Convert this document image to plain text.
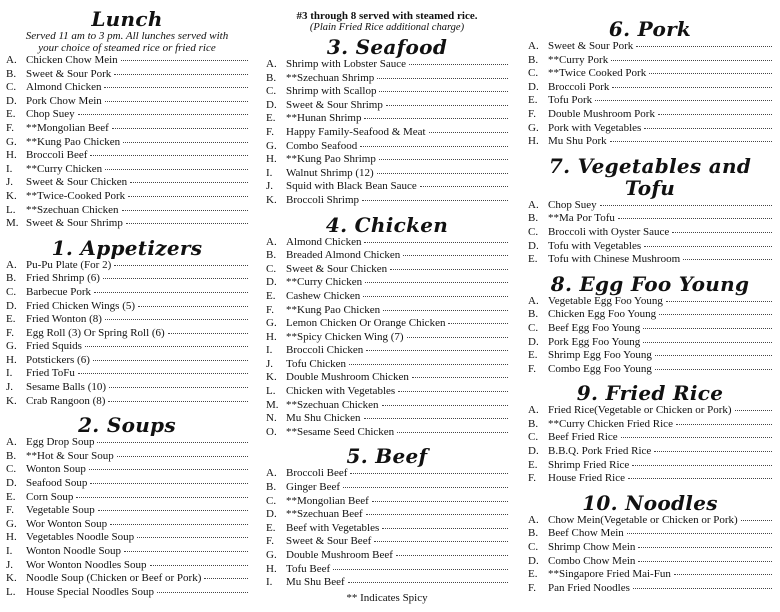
Lunch
Served 11 am to 3 pm. All lunches served with
your choice of steamed rice or fried rice
A. Chicken Chow Mein
B. Sweet & Sour Pork
C. Almond Chicken
D. Pork Chow Mein
E. Chop Suey
F.	**Mongolian Beef
G. **Kung Pao Chicken
H. Broccoli Beef
I.	**Curry Chicken
J.	Sweet & Sour Chicken
K. **Twice-Cooked Pork
L. **Szechuan Chicken
M. Sweet & Sour Shrimp
1. Appetizers
A. Pu-Pu Plate (For 2)
B. Fried Shrimp (6)
C. Barbecue Pork
D. Fried Chicken Wings (5)
E. Fried Wonton (8)
F.	Egg Roll (3) Or Spring Roll (6)
G. Fried Squids
H. Potstickers (6)
I.	Fried ToFu
J.	Sesame Balls (10)
K. Crab Rangoon (8)
2. Soups
A. Egg Drop Soup
B. **Hot & Sour Soup
C. Wonton Soup
D. Seafood Soup
E. Corn Soup
F.	Vegetable Soup
G. Wor Wonton Soup
H. Vegetables Noodle Soup
I.	Wonton Noodle Soup
J.	Wor Wonton Noodles Soup
K. Noodle Soup (Chicken or Beef or Pork)
L. House Special Noodles Soup
#3 through 8 served with steamed rice.
(Plain Fried Rice additional charge)
3. Seafood
A. Shrimp with Lobster Sauce
B. **Szechuan Shrimp
C. Shrimp with Scallop
D. Sweet & Sour Shrimp
E. **Hunan Shrimp
F.	Happy Family-Seafood & Meat
G. Combo Seafood
H. **Kung Pao Shrimp
I.	Walnut Shrimp (12)
J.	Squid with Black Bean Sauce
K. Broccoli Shrimp
4. Chicken
A. Almond Chicken
B. Breaded Almond Chicken
C. Sweet & Sour Chicken
D. **Curry Chicken
E. Cashew Chicken
F.	**Kung Pao Chicken
G. Lemon Chicken Or Orange Chicken
H. **Spicy Chicken Wing (7)
I.	Broccoli Chicken
J.	Tofu Chicken
K. Double Mushroom Chicken
L. Chicken with Vegetables
M. **Szechuan Chicken
N. Mu Shu Chicken
O. **Sesame Seed Chicken
5. Beef
A. Broccoli Beef
B. Ginger Beef
C. **Mongolian Beef
D. **Szechuan Beef
E. Beef with Vegetables
F.	Sweet & Sour Beef
G. Double Mushroom Beef
H. Tofu Beef
I.	Mu Shu Beef
** Indicates Spicy
6. Pork
A. Sweet & Sour Pork
B. **Curry Pork
C. **Twice Cooked Pork
D. Broccoli Pork
E. Tofu Pork
F.	Double Mushroom Pork
G. Pork with Vegetables
H. Mu Shu Pork
7. Vegetables and Tofu
A. Chop Suey
B. **Ma Por Tofu
C. Broccoli with Oyster Sauce
D. Tofu with Vegetables
E. Tofu with Chinese Mushroom
8. Egg Foo Young
A. Vegetable Egg Foo Young
B. Chicken Egg Foo Young
C. Beef Egg Foo Young
D. Pork Egg Foo Young
E. Shrimp Egg Foo Young
F.	Combo Egg Foo Young
9. Fried Rice
A. Fried Rice(Vegetable or Chicken or Pork)
B. **Curry Chicken Fried Rice
C. Beef Fried Rice
D. B.B.Q. Pork Fried Rice
E. Shrimp Fried Rice
F.	House Fried Rice
10. Noodles
A. Chow Mein(Vegetable or Chicken or Pork)
B. Beef Chow Mein
C. Shrimp Chow Mein
D. Combo Chow Mein
E. **Singapore Fried Mai-Fun
F.	Pan Fried Noodles
